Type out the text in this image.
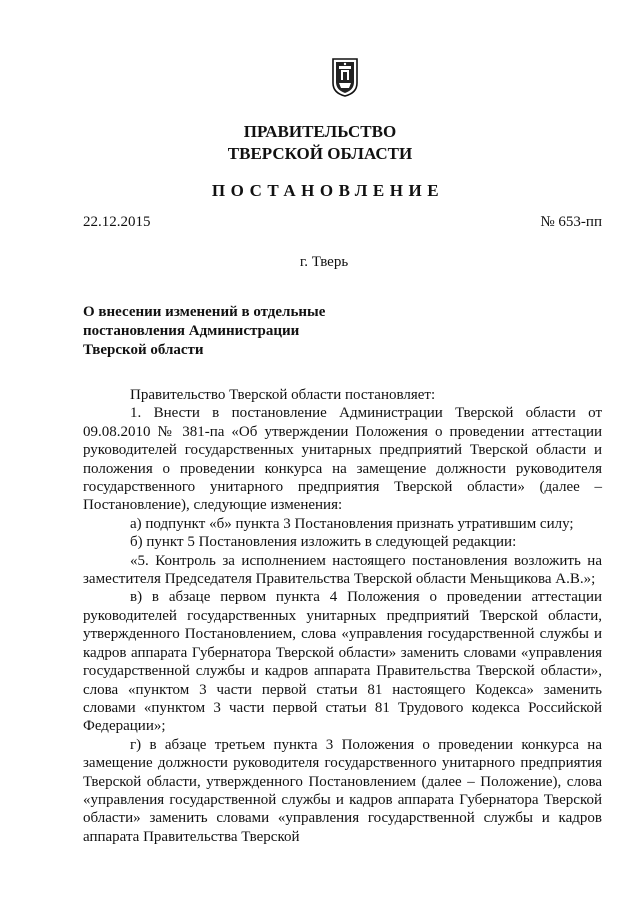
ПРАВИТЕЛЬСТВО
ТВЕРСКОЙ ОБЛАСТИ
ПОСТАНОВЛЕНИЕ
22.12.2015	№ 653-пп
г. Тверь
О внесении изменений в отдельные
постановления Администрации
Тверской области

Правительство Тверской области постановляет:

1. Внести в постановление Администрации Тверской области от 09.08.2010 № 381-па «Об утверждении Положения о проведении аттестации руководителей государственных унитарных предприятий Тверской области и положения о проведении конкурса на замещение должности руководителя государственного унитарного предприятия Тверской области» (далее – Постановление), следующие изменения:

а) подпункт «б» пункта 3 Постановления признать утратившим силу;

б) пункт 5 Постановления изложить в следующей редакции:

«5. Контроль за исполнением настоящего постановления возложить на заместителя Председателя Правительства Тверской области Меньщикова А.В.»;

в) в абзаце первом пункта 4 Положения о проведении аттестации руководителей государственных унитарных предприятий Тверской области, утвержденного Постановлением, слова «управления государственной службы и кадров аппарата Губернатора Тверской области» заменить словами «управления государственной службы и кадров аппарата Правительства Тверской области», слова «пунктом 3 части первой статьи 81 настоящего Кодекса» заменить словами «пунктом 3 части первой статьи 81 Трудового кодекса Российской Федерации»;

г) в абзаце третьем пункта 3 Положения о проведении конкурса на замещение должности руководителя государственного унитарного предприятия Тверской области, утвержденного Постановлением (далее – Положение), слова «управления государственной службы и кадров аппарата Губернатора Тверской области» заменить словами «управления государственной службы и кадров аппарата Правительства Тверской
